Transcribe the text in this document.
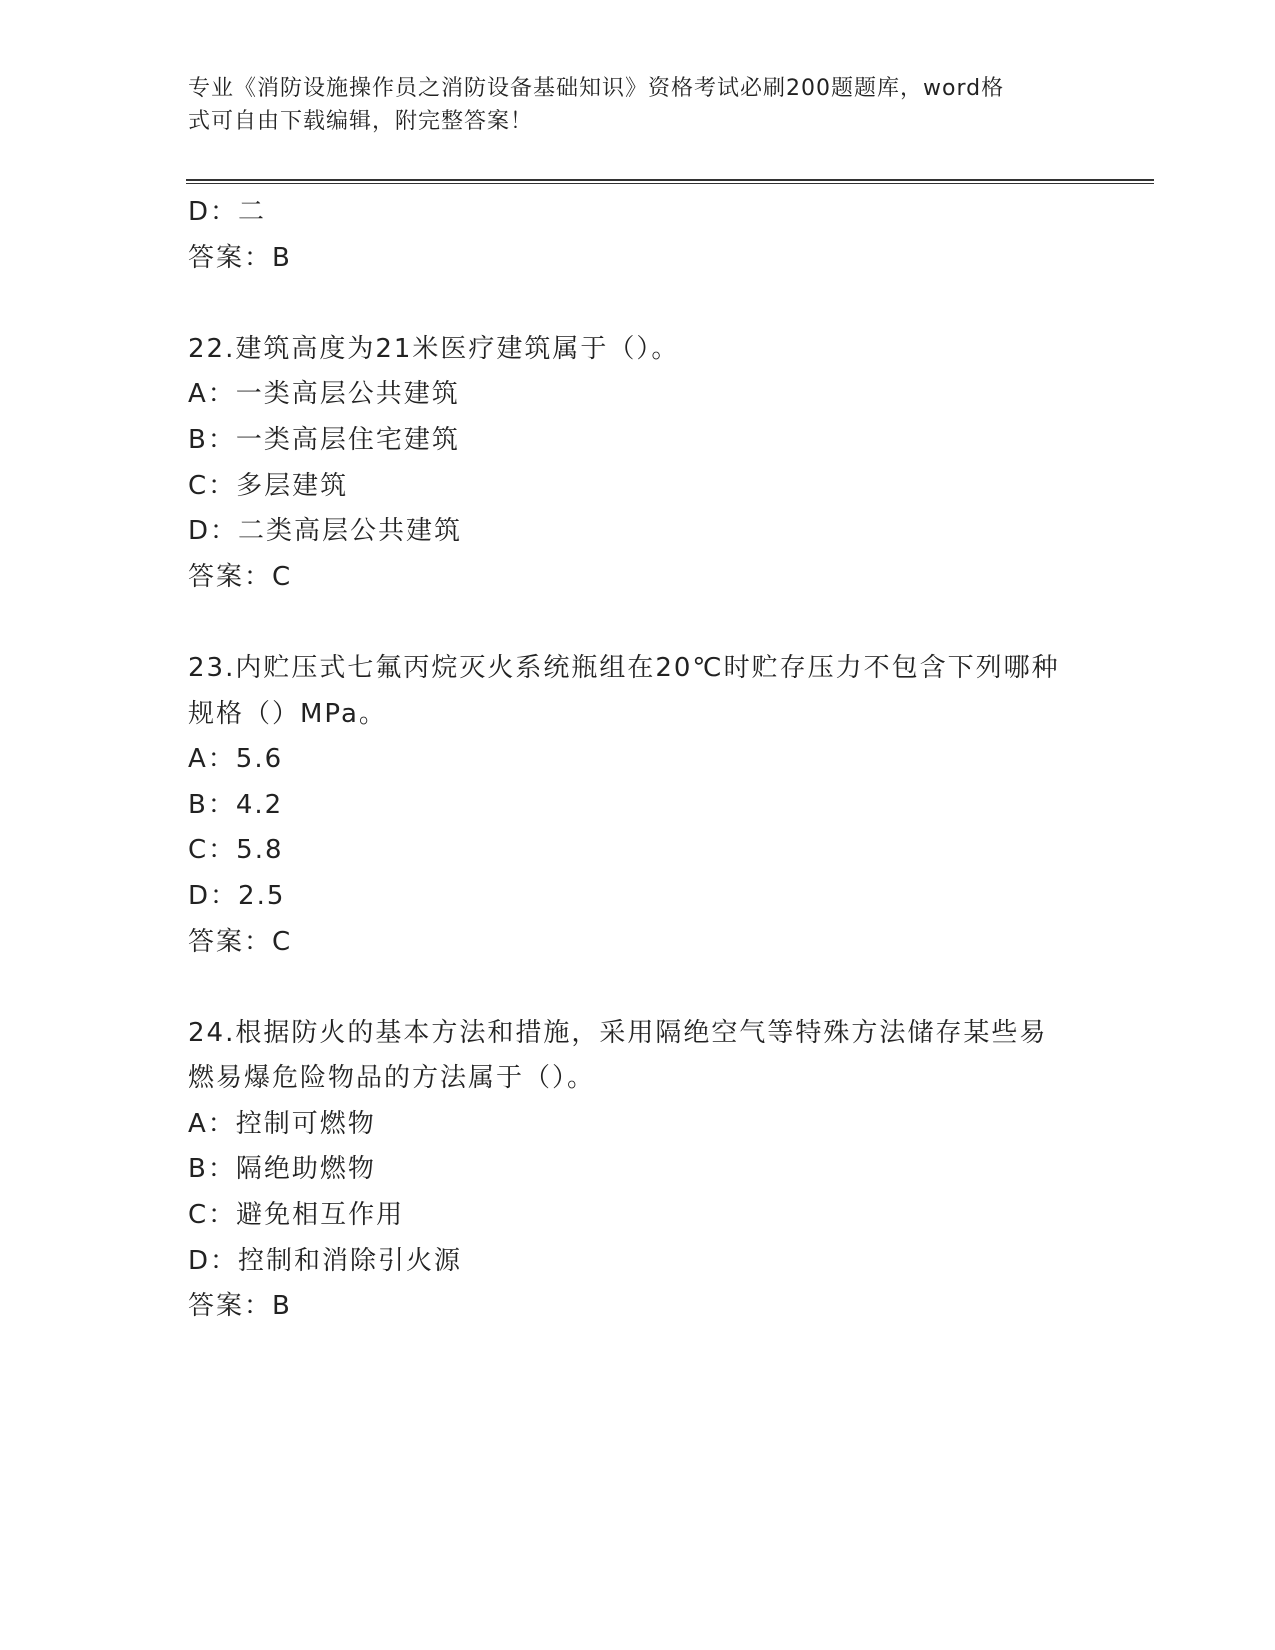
专业《消防设施操作员之消防设备基础知识》资格考试必刷200题题库，word格
式可自由下载编辑，附完整答案！
D：二
答案：B
22.建筑高度为21米医疗建筑属于（）。
A：一类高层公共建筑
B：一类高层住宅建筑
C：多层建筑
D：二类高层公共建筑
答案：C
23.内贮压式七氟丙烷灭火系统瓶组在20℃时贮存压力不包含下列哪种
规格（）MPa。
A：5.6
B：4.2
C：5.8
D：2.5
答案：C
24.根据防火的基本方法和措施，采用隔绝空气等特殊方法储存某些易
燃易爆危险物品的方法属于（）。
A：控制可燃物
B：隔绝助燃物
C：避免相互作用
D：控制和消除引火源
答案：B
